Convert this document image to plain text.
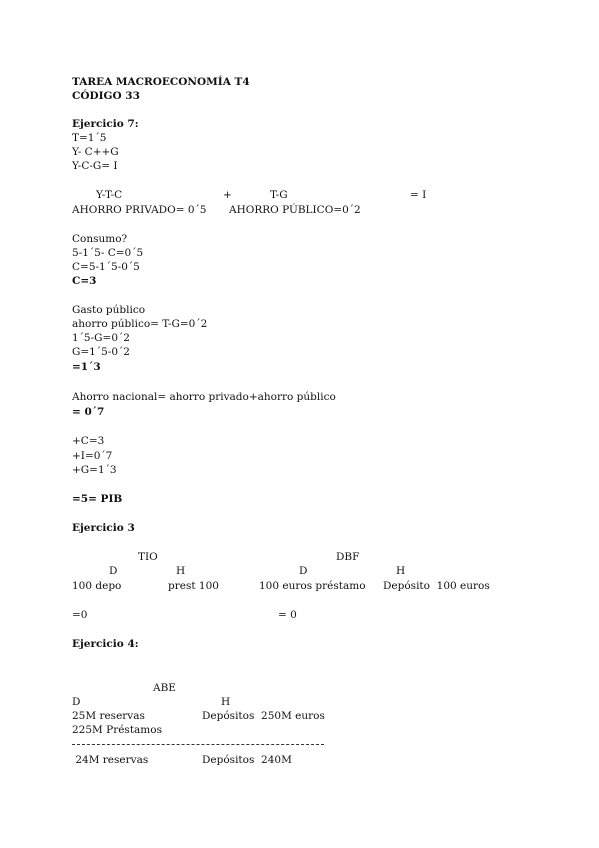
TAREA MACROECONOMÍA T4
CÓDIGO 33
Ejercicio 7:
T=1´5
Y- C++G
Y-C-G= I
Y-T-C	+	T-G	= I
AHORRO PRIVADO= 0´5 AHORRO PÚBLICO=0´2
Consumo?
5-1´5- C=0´5
C=5-1´5-0´5
C=3
Gasto público
ahorro público= T-G=0´2
1´5-G=0´2
G=1´5-0´2
=1´3
Ahorro nacional= ahorro privado+ahorro público
= 0´7
+C=3
+I=0´7
+G=1´3
=5= PIB
Ejercicio 3
TIO	DBF
D	H	D	H
100 depo	prest 100	100 euros préstamo Depósito  100 euros
=0	= 0
Ejercicio 4:
ABE
D	H
25M reservas	Depósitos  250M euros
225M Préstamos
24M reservas	Depósitos  240M
